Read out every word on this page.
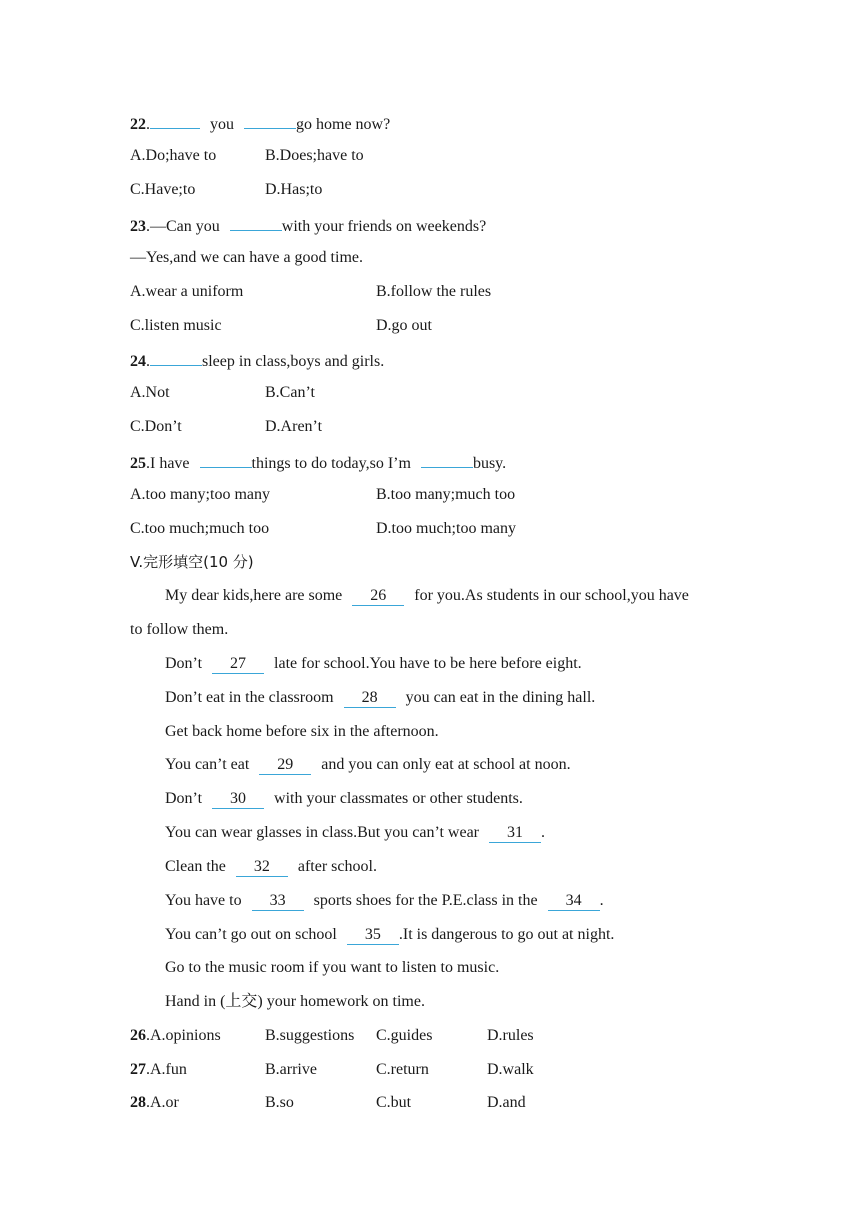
22.	you	go home now?
A.Do;have to	B.Does;have to
C.Have;to	D.Has;to
23.—Can you	with your friends on weekends?
—Yes,and we can have a good time.
A.wear a uniform	B.follow the rules
C.listen music	D.go out
24.	sleep in class,boys and girls.
A.Not	B.Can’t
C.Don’t	D.Aren’t
25.I have	things to do today,so I’m	busy.
A.too many;too many	B.too many;much too
C.too much;much too	D.too much;too many
V.完形填空(10 分)
My dear kids,here are some 26 for you.As students in our school,you have
to follow them.
Don’t 27 late for school.You have to be here before eight.
Don’t eat in the classroom 28 you can eat in the dining hall.
Get back home before six in the afternoon.
You can’t eat 29 and you can only eat at school at noon.
Don’t 30 with your classmates or other students.
You can wear glasses in class.But you can’t wear 31 .
Clean the 32 after school.
You have to 33 sports shoes for the P.E.class in the 34 .
You can’t go out on school 35 .It is dangerous to go out at night.
Go to the music room if you want to listen to music.
Hand in (上交) your homework on time.
26.A.opinions	B.suggestions C.guides	D.rules
27.A.fun	B.arrive	C.return	D.walk
28.A.or	B.so	C.but	D.and
